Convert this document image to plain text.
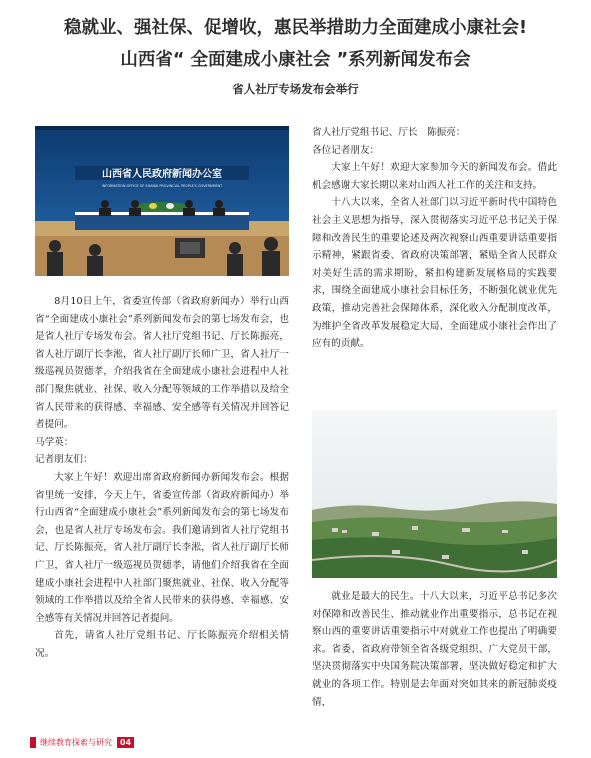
稳就业、强社保、促增收，惠民举措助力全面建成小康社会!
山西省“ 全面建成小康社会 ”系列新闻发布会
省人社厅专场发布会举行
山西省人民政府新闻办公室
INFORMATION OFFICE OF SHANXI PROVINCIAL PEOPLE'S GOVERNMENT

8月10日上午，省委宣传部（省政府新闻办）举行山西省“全面建成小康社会”系列新闻发布会的第七场发布会，也是省人社厅专场发布会。省人社厅党组书记、厅长陈振亮，省人社厅副厅长李淞，省人社厅副厅长师广卫，省人社厅一级巡视员贺德孝，介绍我省在全面建成小康社会进程中人社部门聚焦就业、社保、收入分配等领域的工作举措以及给全省人民带来的获得感、幸福感、安全感等有关情况并回答记者提问。

马学英：

记者朋友们：

大家上午好！欢迎出席省政府新闻办新闻发布会。根据省里统一安排，今天上午，省委宣传部（省政府新闻办）举行山西省“全面建成小康社会”系列新闻发布会的第七场发布会，也是省人社厅专场发布会。我们邀请到省人社厅党组书记、厅长陈振亮，省人社厅副厅长李淞，省人社厅副厅长师广卫，省人社厅一级巡视员贺德孝，请他们介绍我省在全面建成小康社会进程中人社部门聚焦就业、社保、收入分配等领域的工作举措以及给全省人民带来的获得感、幸福感、安全感等有关情况并回答记者提问。

首先，请省人社厅党组书记、厅长陈振亮介绍相关情况。

省人社厅党组书记、厅长　陈振亮：

各位记者朋友：

大家上午好！欢迎大家参加今天的新闻发布会。借此机会感谢大家长期以来对山西人社工作的关注和支持。

十八大以来，全省人社部门以习近平新时代中国特色社会主义思想为指导，深入贯彻落实习近平总书记关于保障和改善民生的重要论述及两次视察山西重要讲话重要指示精神，紧跟省委、省政府决策部署，紧贴全省人民群众对美好生活的需求期盼，紧扣构建新发展格局的实践要求，围绕全面建成小康社会目标任务，不断强化就业优先政策，推动完善社会保障体系，深化收入分配制度改革，为维护全省改革发展稳定大局、全面建成小康社会作出了应有的贡献。

就业是最大的民生。十八大以来，习近平总书记多次对保障和改善民生、推动就业作出重要指示，总书记在视察山西的重要讲话重要指示中对就业工作也提出了明确要求。省委、省政府带领全省各级党组织、广大党员干部，坚决贯彻落实中央国务院决策部署，坚决做好稳定和扩大就业的各项工作。特别是去年面对突如其来的新冠肺炎疫情，

继续教育探索与研究	04
